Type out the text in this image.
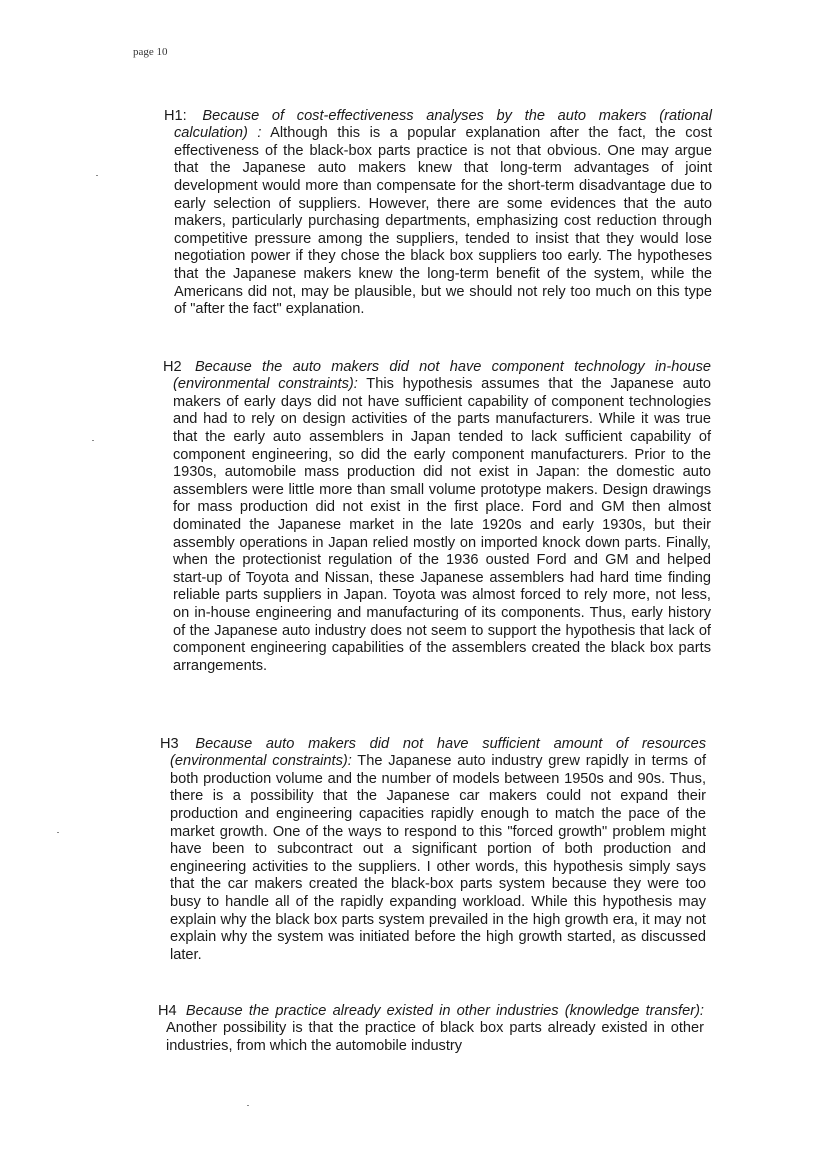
page 10

H1: Because of cost-effectiveness analyses by the auto makers (rational calculation) : Although this is a popular explanation after the fact, the cost effectiveness of the black-box parts practice is not that obvious. One may argue that the Japanese auto makers knew that long-term advantages of joint development would more than compensate for the short-term disadvantage due to early selection of suppliers. However, there are some evidences that the auto makers, particularly purchasing departments, emphasizing cost reduction through competitive pressure among the suppliers, tended to insist that they would lose negotiation power if they chose the black box suppliers too early. The hypotheses that the Japanese makers knew the long-term benefit of the system, while the Americans did not, may be plausible, but we should not rely too much on this type of "after the fact" explanation.

H2 Because the auto makers did not have component technology in-house (environmental constraints): This hypothesis assumes that the Japanese auto makers of early days did not have sufficient capability of component technologies and had to rely on design activities of the parts manufacturers. While it was true that the early auto assemblers in Japan tended to lack sufficient capability of component engineering, so did the early component manufacturers. Prior to the 1930s, automobile mass production did not exist in Japan: the domestic auto assemblers were little more than small volume prototype makers. Design drawings for mass production did not exist in the first place. Ford and GM then almost dominated the Japanese market in the late 1920s and early 1930s, but their assembly operations in Japan relied mostly on imported knock down parts. Finally, when the protectionist regulation of the 1936 ousted Ford and GM and helped start-up of Toyota and Nissan, these Japanese assemblers had hard time finding reliable parts suppliers in Japan. Toyota was almost forced to rely more, not less, on in-house engineering and manufacturing of its components. Thus, early history of the Japanese auto industry does not seem to support the hypothesis that lack of component engineering capabilities of the assemblers created the black box parts arrangements.

H3 Because auto makers did not have sufficient amount of resources (environmental constraints): The Japanese auto industry grew rapidly in terms of both production volume and the number of models between 1950s and 90s. Thus, there is a possibility that the Japanese car makers could not expand their production and engineering capacities rapidly enough to match the pace of the market growth. One of the ways to respond to this "forced growth" problem might have been to subcontract out a significant portion of both production and engineering activities to the suppliers. I other words, this hypothesis simply says that the car makers created the black-box parts system because they were too busy to handle all of the rapidly expanding workload. While this hypothesis may explain why the black box parts system prevailed in the high growth era, it may not explain why the system was initiated before the high growth started, as discussed later.

H4 Because the practice already existed in other industries (knowledge transfer): Another possibility is that the practice of black box parts already existed in other industries, from which the automobile industry
